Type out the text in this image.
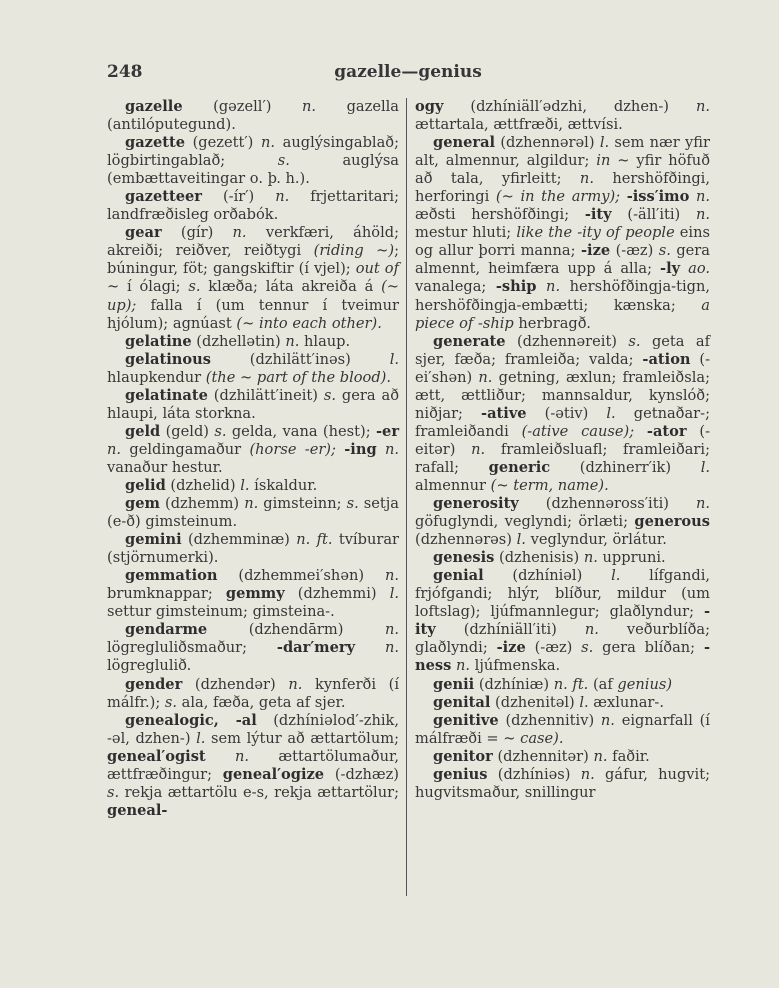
248	gazelle—genius

gazelle (gəzell′) n. gazella (antilóputegund).

gazette (gezett′) n. auglýsingablað; lögbirtingablað; s. auglýsa (embættaveitingar o. þ. h.).

gazetteer (-ír′) n. frjettaritari; landfræðisleg orðabók.

gear (gír) n. verkfæri, áhöld; akreiði; reiðver, reiðtygi (riding ~); búningur, föt; gangskiftir (í vjel); out of ~ í ólagi; s. klæða; láta akreiða á (~ up); falla í (um tennur í tveimur hjólum); agnúast (~ into each other).

gelatine (dzhellətin) n. hlaup.

gelatinous (dzhilätt′inəs) l. hlaupkendur (the ~ part of the blood).

gelatinate (dzhilätt′ineit) s. gera að hlaupi, láta storkna.

geld (geld) s. gelda, vana (hest); -er n. geldingamaður (horse -er); -ing n. vanaður hestur.

gelid (dzhelid) l. ískaldur.

gem (dzhemm) n. gimsteinn; s. setja (e-ð) gimsteinum.

gemini (dzhemminæ) n. ft. tvíburar (stjörnumerki).

gemmation (dzhemmei′shən) n. brumknappar; gemmy (dzhemmi) l. settur gimsteinum; gimsteina-.

gendarme (dzhendārm) n. lögregluliðsmaður; -dar′mery n. lögreglulið.

gender (dzhendər) n. kynferði (í málfr.); s. ala, fæða, geta af sjer.

genealogic, -al (dzhíniəlod′-zhik, -əl, dzhen-) l. sem lýtur að ættartölum; geneal′ogist n. ættartölumaður, ættfræðingur; geneal′ogize (-dzhæz) s. rekja ættartölu e-s, rekja ættartölur; geneal-

ogy (dzhíniäll′ədzhi, dzhen-) n. ættartala, ættfræði, ættvísi.

general (dzhennərəl) l. sem nær yfir alt, almennur, algildur; in ~ yfir höfuð að tala, yfirleitt; n. hershöfðingi, herforingi (~ in the army); -iss′imo n. æðsti hershöfðingi; -ity (-äll′iti) n. mestur hluti; like the -ity of people eins og allur þorri manna; -ize (-æz) s. gera almennt, heimfæra upp á alla; -ly ao. vanalega; -ship n. hershöfðingja-tign, hershöfðingja-embætti; kænska; a piece of -ship herbragð.

generate (dzhennəreit) s. geta af sjer, fæða; framleiða; valda; -ation (-ei′shən) n. getning, æxlun; framleiðsla; ætt, ættliður; mannsaldur, kynslóð; niðjar; -ative (-ətiv) l. getnaðar-; framleiðandi (-ative cause); -ator (-eitər) n. framleiðsluafl; framleiðari; rafall; generic (dzhinerr′ik) l. almennur (~ term, name).

generosity (dzhennəross′iti) n. göfuglyndi, veglyndi; örlæti; generous (dzhennərəs) l. veglyndur, örlátur.

genesis (dzhenisis) n. uppruni.

genial (dzhíniəl) l. lífgandi, frjófgandi; hlýr, blíður, mildur (um loftslag); ljúfmannlegur; glaðlyndur; -ity (dzhíniäll′iti) n. veðurblíða; glaðlyndi; -ize (-æz) s. gera blíðan; -ness n. ljúfmenska.

genii (dzhíniæ) n. ft. (af genius)

genital (dzhenitəl) l. æxlunar-.

genitive (dzhennitiv) n. eignarfall (í málfræði = ~ case).

genitor (dzhennitər) n. faðir.

genius (dzhíniəs) n. gáfur, hugvit; hugvitsmaður, snillingur
